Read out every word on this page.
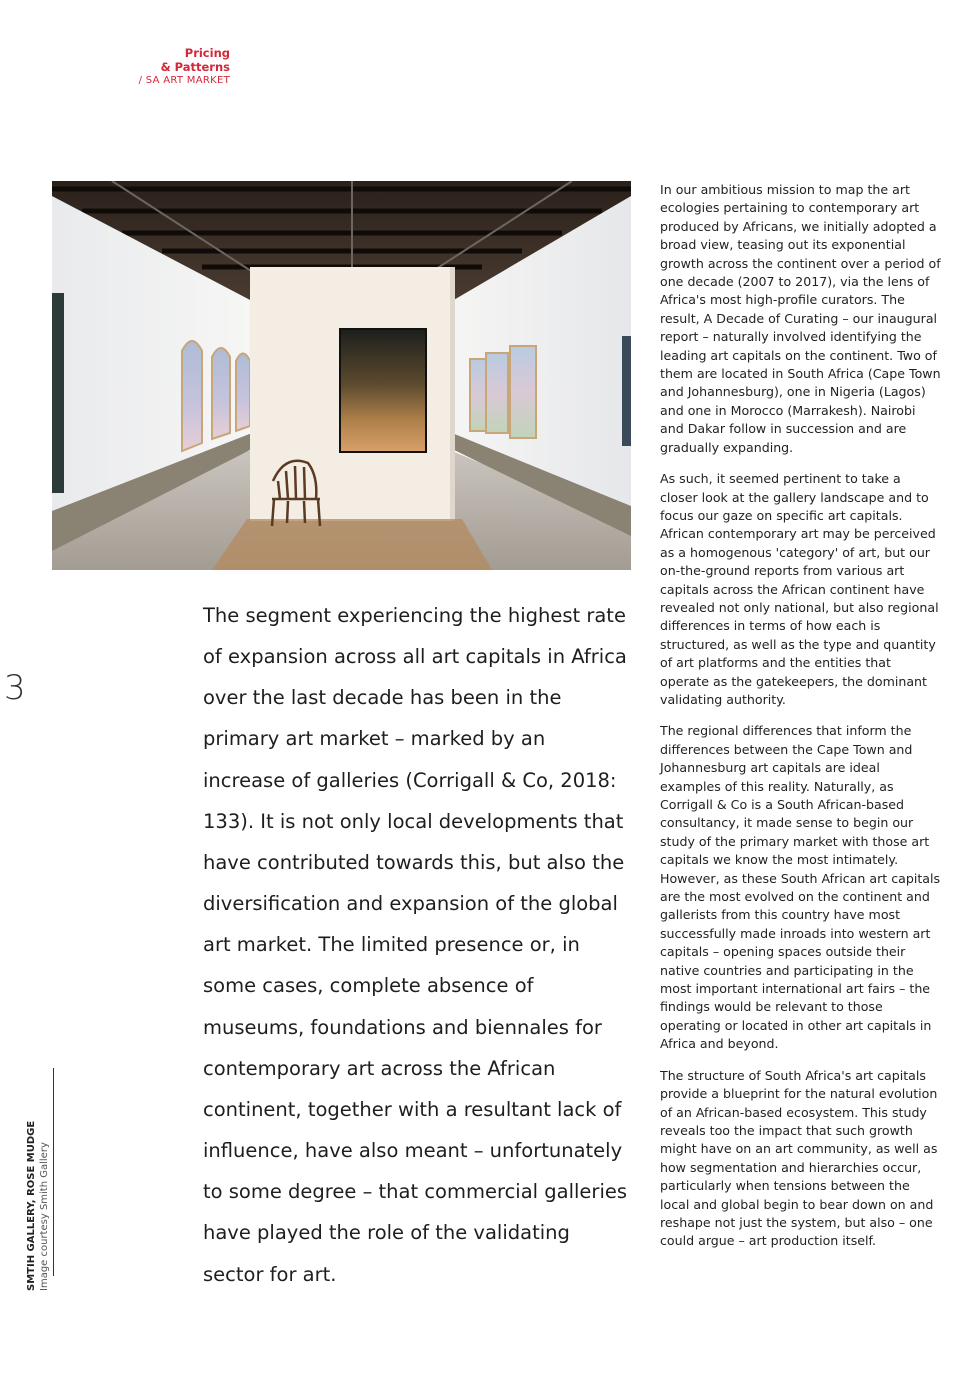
Pricing
& Patterns
/ SA ART MARKET
3

The segment experiencing the highest rate of expansion across all art capitals in Africa over the last decade has been in the primary art market – marked by an increase of galleries (Corrigall & Co, 2018: 133). It is not only local developments that have contributed towards this, but also the diversification and expansion of the global art market. The limited presence or, in some cases, complete absence of museums, foundations and biennales for contemporary art across the African continent, together with a resultant lack of influence, have also meant – unfortunately to some degree – that commercial galleries have played the role of the validating sector for art.

SMTIH GALLERY, ROSE MUDGE Image courtesy Smith Gallery

In our ambitious mission to map the art ecologies pertaining to contemporary art produced by Africans, we initially adopted a broad view, teasing out its exponential growth across the continent over a period of one decade (2007 to 2017), via the lens of Africa's most high-profile curators. The result, A Decade of Curating – our inaugural report – naturally involved identifying the leading art capitals on the continent. Two of them are located in South Africa (Cape Town and Johannesburg), one in Nigeria (Lagos) and one in Morocco (Marrakesh). Nairobi and Dakar follow in succession and are gradually expanding.

As such, it seemed pertinent to take a closer look at the gallery landscape and to focus our gaze on specific art capitals. African contemporary art may be perceived as a homogenous 'category' of art, but our on-the-ground reports from various art capitals across the African continent have revealed not only national, but also regional differences in terms of how each is structured, as well as the type and quantity of art platforms and the entities that operate as the gatekeepers, the dominant validating authority.

The regional differences that inform the differences between the Cape Town and Johannesburg art capitals are ideal examples of this reality. Naturally, as Corrigall & Co is a South African-based consultancy, it made sense to begin our study of the primary market with those art capitals we know the most intimately. However, as these South African art capitals are the most evolved on the continent and gallerists from this country have most successfully made inroads into western art capitals – opening spaces outside their native countries and participating in the most important international art fairs – the findings would be relevant to those operating or located in other art capitals in Africa and beyond.

The structure of South Africa's art capitals provide a blueprint for the natural evolution of an African-based ecosystem. This study reveals too the impact that such growth might have on an art community, as well as how segmentation and hierarchies occur, particularly when tensions between the local and global begin to bear down on and reshape not just the system, but also – one could argue – art production itself.
